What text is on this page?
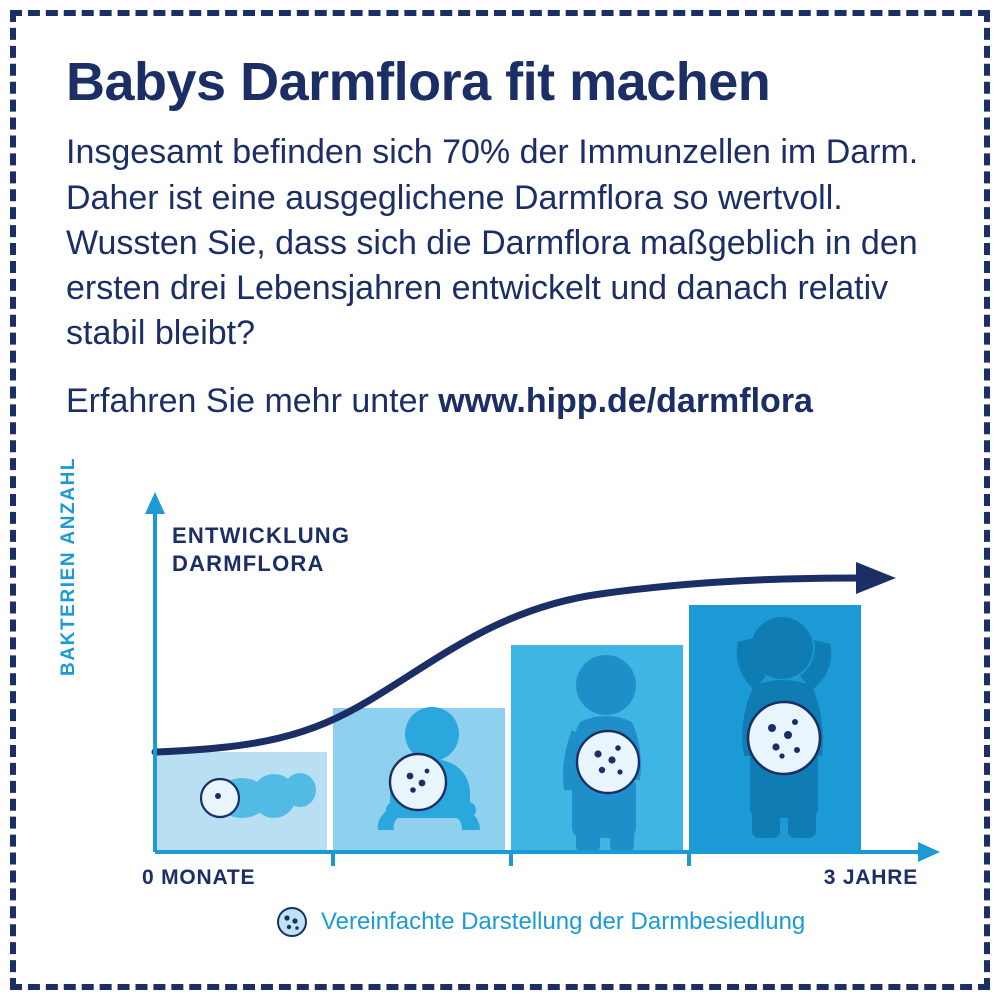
Babys Darmflora fit machen

Insgesamt befinden sich 70% der Immunzellen im Darm. Daher ist eine ausgeglichene Darmflora so wertvoll. Wussten Sie, dass sich die Darmflora maßgeblich in den ersten drei Lebensjahren entwickelt und danach relativ stabil bleibt?

Erfahren Sie mehr unter www.hipp.de/darmflora

BAKTERIEN ANZAHL	ENTWICKLUNG
DARMFLORA
0 MONATE	3 JAHRE
Vereinfachte Darstellung der Darmbesiedlung
